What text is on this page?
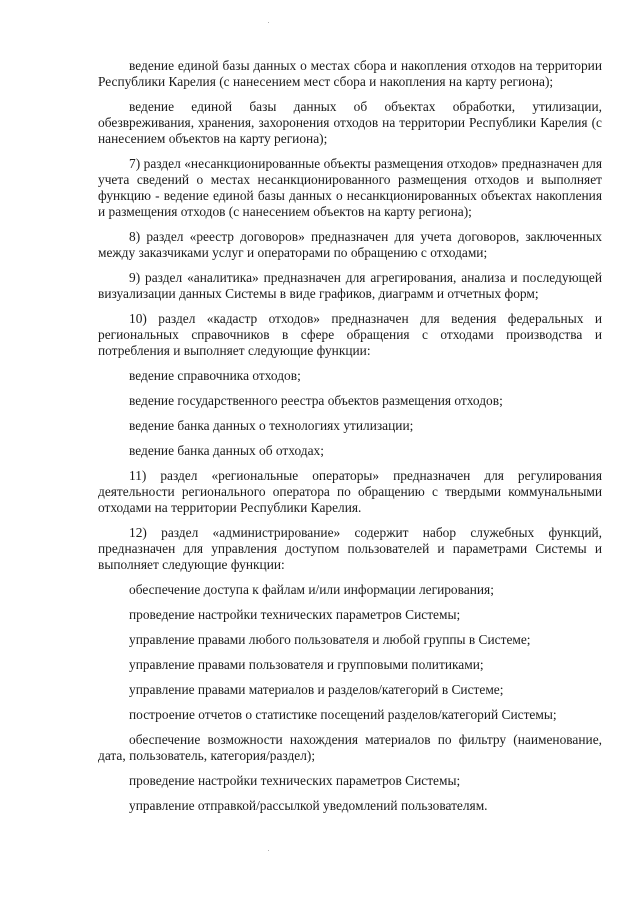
ведение единой базы данных о местах сбора и накопления отходов на территории Республики Карелия (с нанесением мест сбора и накопления на карту региона);

ведение единой базы данных об объектах обработки, утилизации, обезвреживания, хранения, захоронения отходов на территории Республики Карелия (с нанесением объектов на карту региона);

7) раздел «несанкционированные объекты размещения отходов» предназначен для учета сведений о местах несанкционированного размещения отходов и выполняет функцию - ведение единой базы данных о несанкционированных объектах накопления и размещения отходов (с нанесением объектов на карту региона);

8) раздел «реестр договоров» предназначен для учета договоров, заключенных между заказчиками услуг и операторами по обращению с отходами;

9) раздел «аналитика» предназначен для агрегирования, анализа и последующей визуализации данных Системы в виде графиков, диаграмм и отчетных форм;

10) раздел «кадастр отходов» предназначен для ведения федеральных и региональных справочников в сфере обращения с отходами производства и потребления и выполняет следующие функции:

ведение справочника отходов;

ведение государственного реестра объектов размещения отходов;

ведение банка данных о технологиях утилизации;

ведение банка данных об отходах;

11) раздел «региональные операторы» предназначен для регулирования деятельности регионального оператора по обращению с твердыми коммунальными отходами на территории Республики Карелия.

12) раздел «администрирование» содержит набор служебных функций, предназначен для управления доступом пользователей и параметрами Системы и выполняет следующие функции:

обеспечение доступа к файлам и/или информации легирования;

проведение настройки технических параметров Системы;

управление правами любого пользователя и любой группы в Системе;

управление правами пользователя и групповыми политиками;

управление правами материалов и разделов/категорий в Системе;

построение отчетов о статистике посещений разделов/категорий Системы;

обеспечение возможности нахождения материалов по фильтру (наименование, дата, пользователь, категория/раздел);

проведение настройки технических параметров Системы;

управление отправкой/рассылкой уведомлений пользователям.
